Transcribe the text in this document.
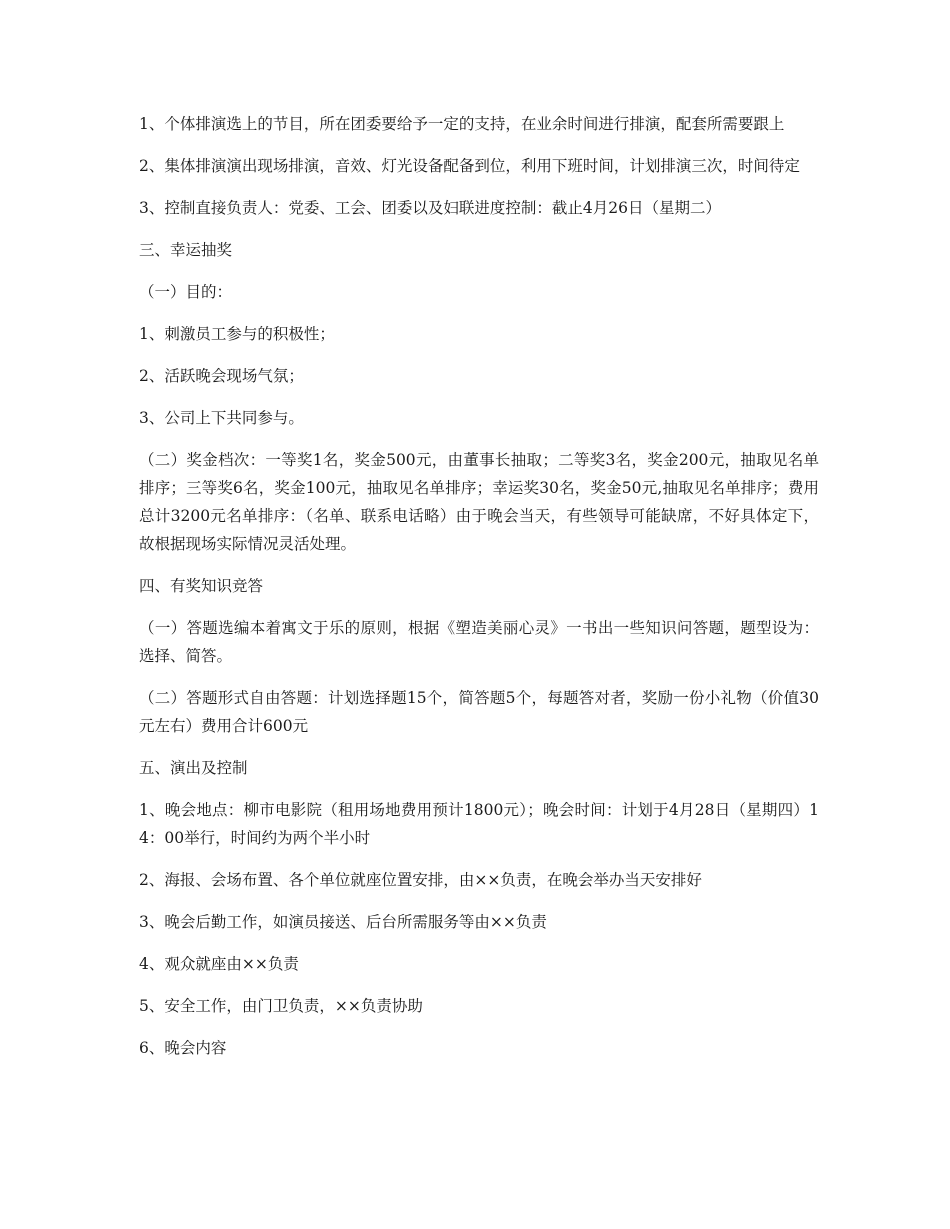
1、个体排演选上的节目，所在团委要给予一定的支持，在业余时间进行排演，配套所需要跟上

2、集体排演演出现场排演，音效、灯光设备配备到位，利用下班时间，计划排演三次，时间待定

3、控制直接负责人：党委、工会、团委以及妇联进度控制：截止4月26日（星期二）

三、幸运抽奖

（一）目的：

1、刺激员工参与的积极性；

2、活跃晚会现场气氛；

3、公司上下共同参与。

（二）奖金档次：一等奖1名，奖金500元，由董事长抽取；二等奖3名，奖金200元，抽取见名单排序；三等奖6名，奖金100元，抽取见名单排序；幸运奖30名，奖金50元,抽取见名单排序；费用总计3200元名单排序：（名单、联系电话略）由于晚会当天，有些领导可能缺席，不好具体定下，故根据现场实际情况灵活处理。

四、有奖知识竞答

（一）答题选编本着寓文于乐的原则，根据《塑造美丽心灵》一书出一些知识问答题，题型设为：选择、简答。

（二）答题形式自由答题：计划选择题15个，简答题5个，每题答对者，奖励一份小礼物（价值30元左右）费用合计600元

五、演出及控制

1、晚会地点：柳市电影院（租用场地费用预计1800元）；晚会时间：计划于4月28日（星期四）14：00举行，时间约为两个半小时

2、海报、会场布置、各个单位就座位置安排，由××负责，在晚会举办当天安排好

3、晚会后勤工作，如演员接送、后台所需服务等由××负责

4、观众就座由××负责

5、安全工作，由门卫负责，××负责协助

6、晚会内容
